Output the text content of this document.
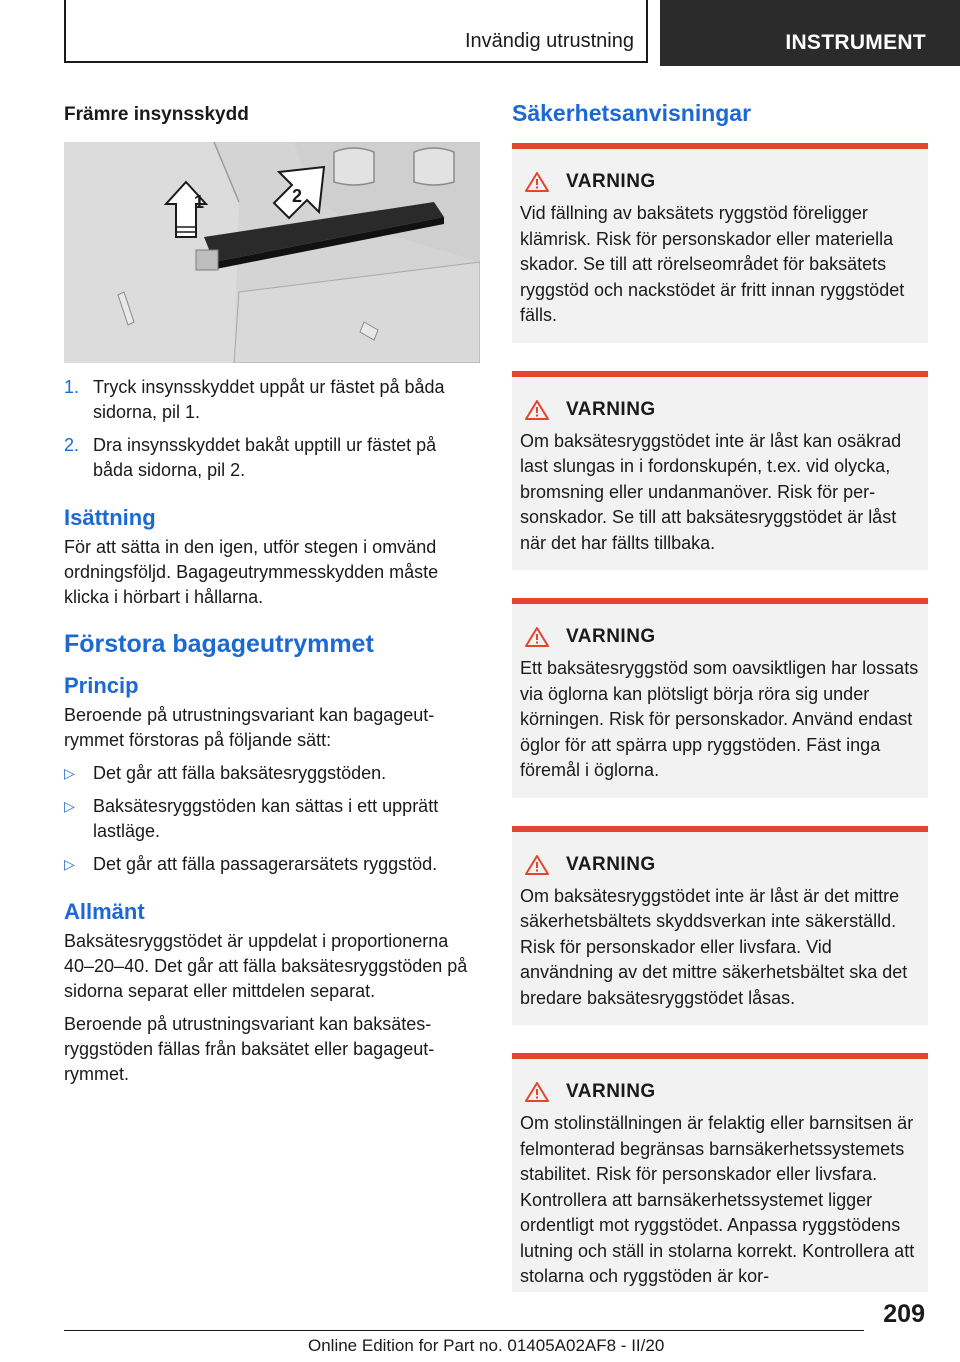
Invändig utrustning	INSTRUMENT
Främre insynsskydd
1	2
1. Tryck insynsskyddet uppåt ur fästet på båda sidorna, pil 1.
2. Dra insynsskyddet bakåt upptill ur fästet på båda sidorna, pil 2.
Isättning

För att sätta in den igen, utför stegen i omvänd ordningsföljd. Bagageutrymmesskydden måste klicka i hörbart i hållarna.

Förstora bagageutrymmet
Princip

Beroende på utrustningsvariant kan bagageutrymmet förstoras på följande sätt:

▷ Det går att fälla baksätesryggstöden.
▷ Baksätesryggstöden kan sättas i ett upprätt lastläge.
▷ Det går att fälla passagerarsätets ryggstöd.
Allmänt

Baksätesryggstödet är uppdelat i proportionerna 40–20–40. Det går att fälla baksätesryggstöden på sidorna separat eller mittdelen separat.

Beroende på utrustningsvariant kan baksätesryggstöden fällas från baksätet eller bagageutrymmet.

Säkerhetsanvisningar
VARNING
Vid fällning av baksätets ryggstöd föreligger klämrisk. Risk för personskador eller materiella skador. Se till att rörelseområdet för baksätets ryggstöd och nackstödet är fritt innan ryggstödet fälls.
VARNING
Om baksätesryggstödet inte är låst kan osäkrad last slungas in i fordonskupén, t.ex. vid olycka, bromsning eller undanmanöver. Risk för personskador. Se till att baksätesryggstödet är låst när det har fällts tillbaka.
VARNING
Ett baksätesryggstöd som oavsiktligen har lossats via öglorna kan plötsligt börja röra sig under körningen. Risk för personskador. Använd endast öglor för att spärra upp ryggstöden. Fäst inga föremål i öglorna.
VARNING
Om baksätesryggstödet inte är låst är det mittre säkerhetsbältets skyddsverkan inte säkerställd. Risk för personskador eller livsfara. Vid användning av det mittre säkerhetsbältet ska det bredare baksätesryggstödet låsas.
VARNING
Om stolinställningen är felaktig eller barnsitsen är felmonterad begränsas barnsäkerhetssystemets stabilitet. Risk för personskador eller livsfara. Kontrollera att barnsäkerhetssystemet ligger ordentligt mot ryggstödet. Anpassa ryggstödens lutning och ställ in stolarna korrekt. Kontrollera att stolarna och ryggstöden är kor-
209
Online Edition for Part no. 01405A02AF8 - II/20
